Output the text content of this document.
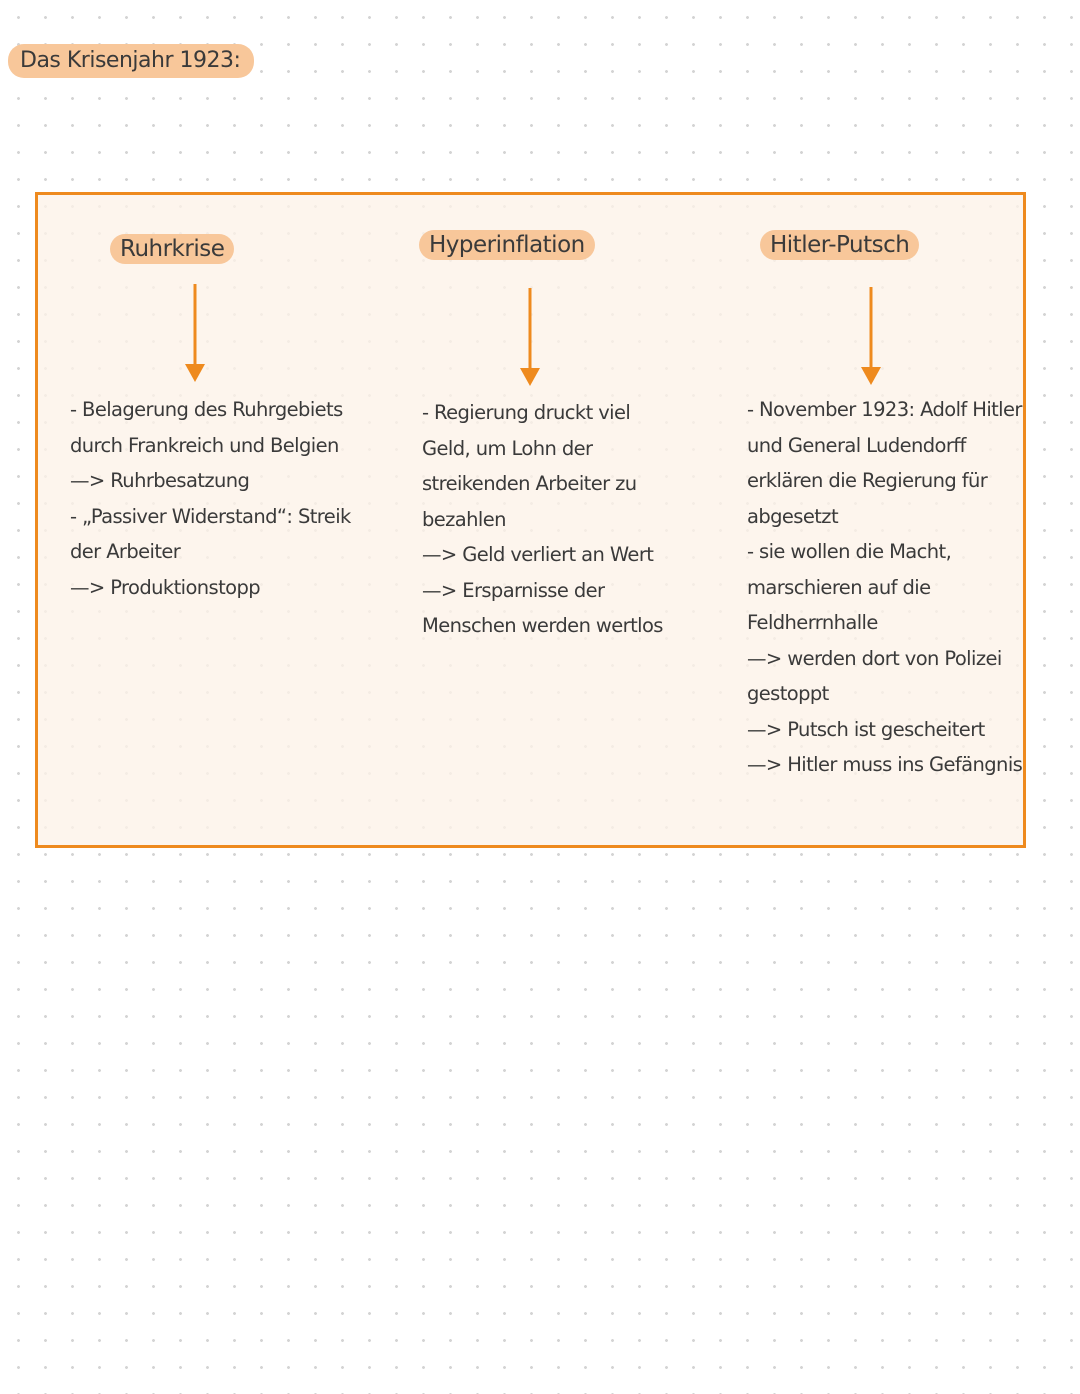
Das Krisenjahr 1923:
Ruhrkrise
- Belagerung des Ruhrgebiets
durch Frankreich und Belgien
—> Ruhrbesatzung
- „Passiver Widerstand“: Streik
der Arbeiter
—> Produktionstopp
Hyperinflation
- Regierung druckt viel
Geld, um Lohn der
streikenden Arbeiter zu
bezahlen
—> Geld verliert an Wert
—> Ersparnisse der
Menschen werden wertlos
Hitler-Putsch
- November 1923: Adolf Hitler
und General Ludendorff
erklären die Regierung für
abgesetzt
- sie wollen die Macht,
marschieren auf die
Feldherrnhalle
—> werden dort von Polizei
gestoppt
—> Putsch ist gescheitert
—> Hitler muss ins Gefängnis
